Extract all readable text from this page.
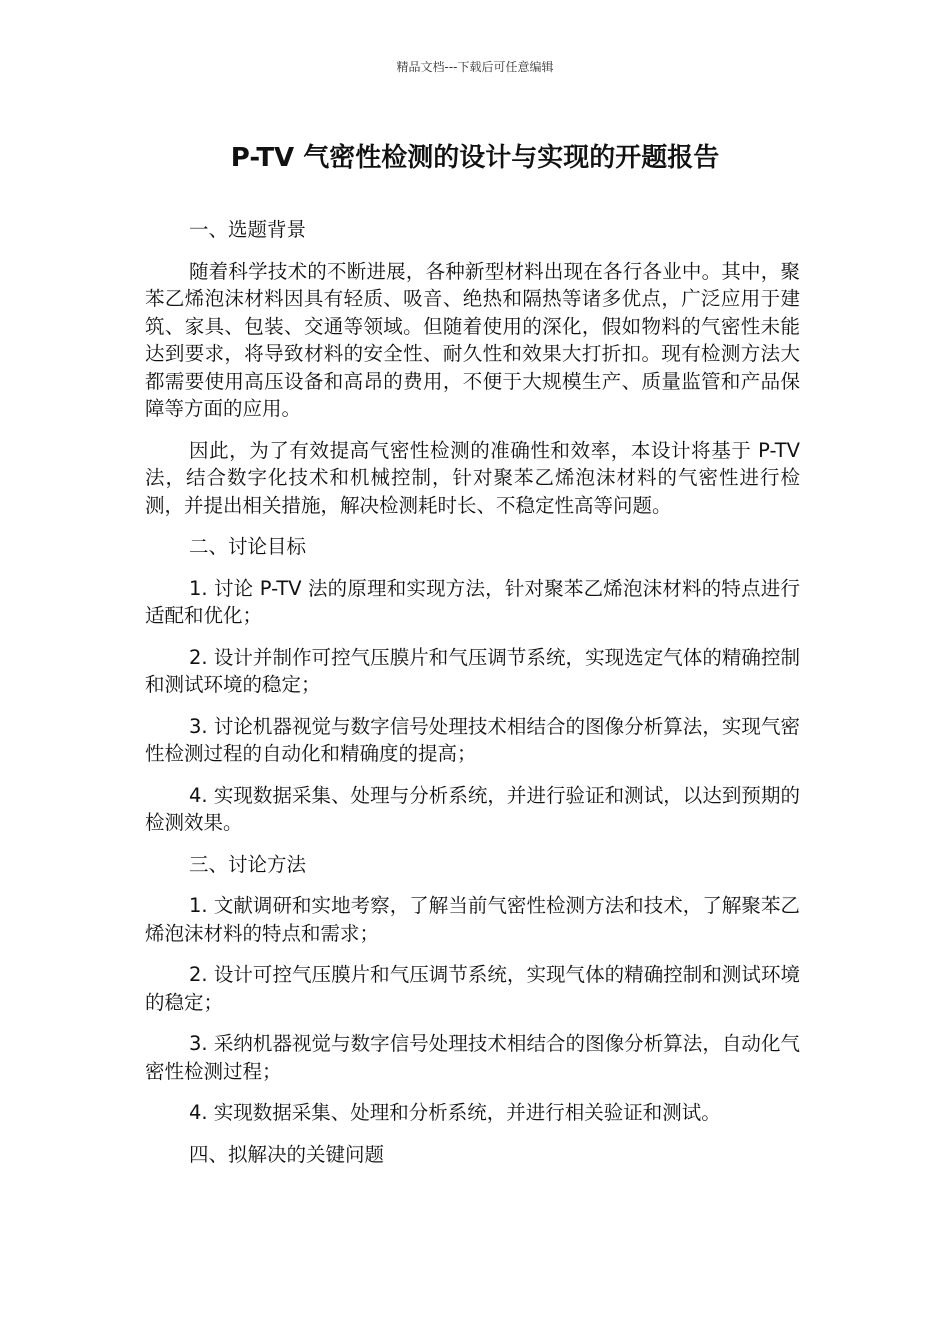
精品文档---下载后可任意编辑
P-TV 气密性检测的设计与实现的开题报告
一、选题背景

随着科学技术的不断进展，各种新型材料出现在各行各业中。其中，聚苯乙烯泡沫材料因具有轻质、吸音、绝热和隔热等诸多优点，广泛应用于建筑、家具、包装、交通等领域。但随着使用的深化，假如物料的气密性未能达到要求，将导致材料的安全性、耐久性和效果大打折扣。现有检测方法大都需要使用高压设备和高昂的费用，不便于大规模生产、质量监管和产品保障等方面的应用。

因此，为了有效提高气密性检测的准确性和效率，本设计将基于 P-TV 法，结合数字化技术和机械控制，针对聚苯乙烯泡沫材料的气密性进行检测，并提出相关措施，解决检测耗时长、不稳定性高等问题。

二、讨论目标

1. 讨论 P-TV 法的原理和实现方法，针对聚苯乙烯泡沫材料的特点进行适配和优化；

2. 设计并制作可控气压膜片和气压调节系统，实现选定气体的精确控制和测试环境的稳定；

3. 讨论机器视觉与数字信号处理技术相结合的图像分析算法，实现气密性检测过程的自动化和精确度的提高；

4. 实现数据采集、处理与分析系统，并进行验证和测试，以达到预期的检测效果。

三、讨论方法

1. 文献调研和实地考察，了解当前气密性检测方法和技术，了解聚苯乙烯泡沫材料的特点和需求；

2. 设计可控气压膜片和气压调节系统，实现气体的精确控制和测试环境的稳定；

3. 采纳机器视觉与数字信号处理技术相结合的图像分析算法，自动化气密性检测过程；

4. 实现数据采集、处理和分析系统，并进行相关验证和测试。

四、拟解决的关键问题
